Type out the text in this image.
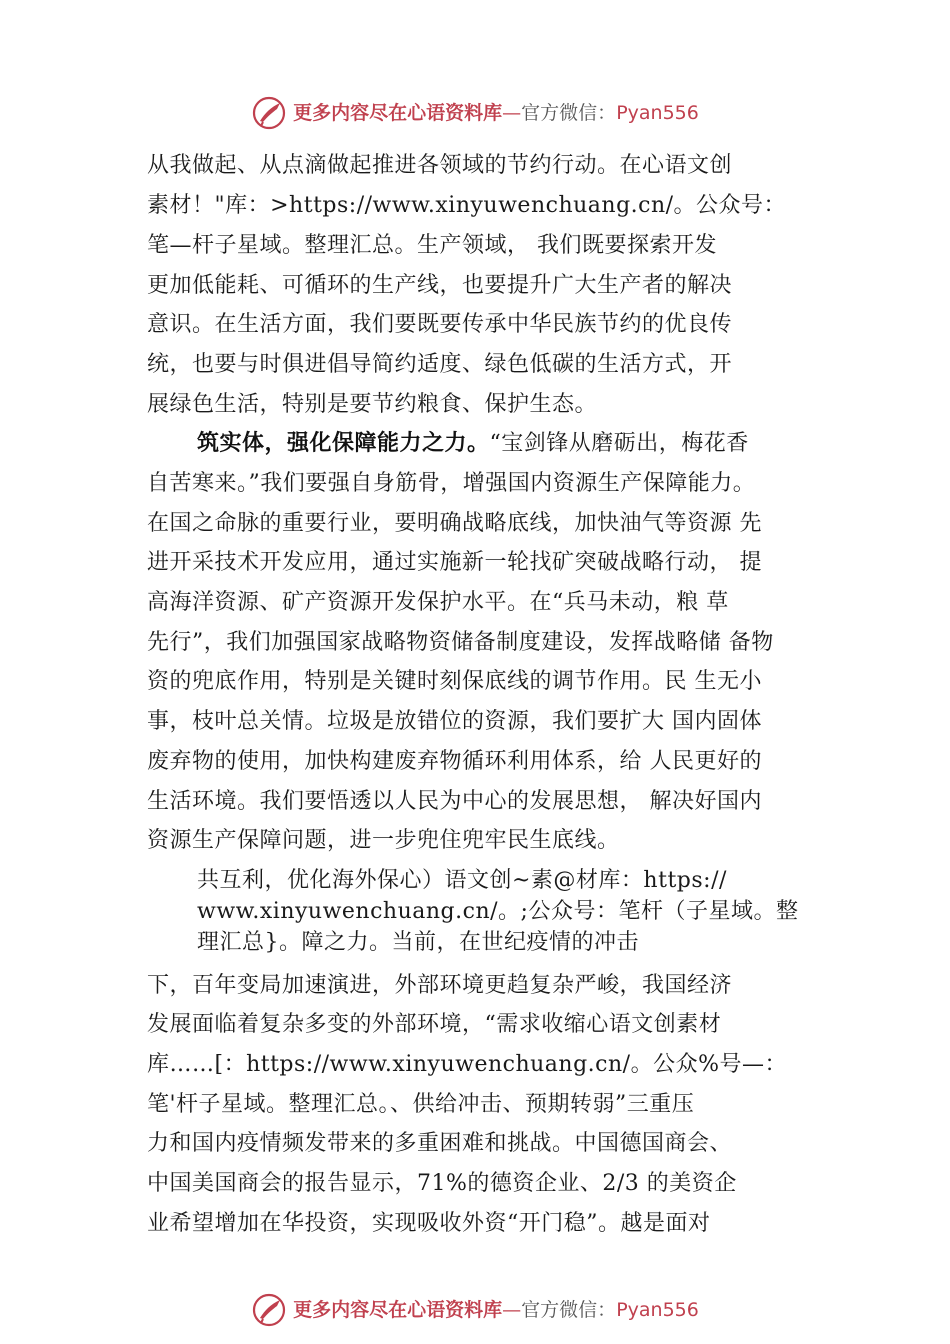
更多内容尽在心语资料库—官方微信：Pyan556
从我做起、从点滴做起推进各领域的节约行动。在心语文创
素材！"库：>https://www.xinyuwenchuang.cn/。公众号：
笔—杆子星域。整理汇总。生产领域， 我们既要探索开发
更加低能耗、可循环的生产线，也要提升广大生产者的解决
意识。在生活方面，我们要既要传承中华民族节约的优良传
统，也要与时俱进倡导简约适度、绿色低碳的生活方式，开
展绿色生活，特别是要节约粮食、保护生态。
筑实体，强化保障能力之力。“宝剑锋从磨砺出，梅花香
自苦寒来。”我们要强自身筋骨，增强国内资源生产保障能力。
在国之命脉的重要行业，要明确战略底线，加快油气等资源 先
进开采技术开发应用，通过实施新一轮找矿突破战略行动， 提
高海洋资源、矿产资源开发保护水平。在“兵马未动，粮 草
先行”，我们加强国家战略物资储备制度建设，发挥战略储 备物
资的兜底作用，特别是关键时刻保底线的调节作用。民 生无小
事，枝叶总关情。垃圾是放错位的资源，我们要扩大 国内固体
废弃物的使用，加快构建废弃物循环利用体系，给 人民更好的
生活环境。我们要悟透以人民为中心的发展思想， 解决好国内
资源生产保障问题，进一步兜住兜牢民生底线。
共互利，优化海外保心）语文创~素@材库：https://
www.xinyuwenchuang.cn/。;公众号：笔杆（子星域。整
理汇总}。障之力。当前，在世纪疫情的冲击
下，百年变局加速演进，外部环境更趋复杂严峻，我国经济
发展面临着复杂多变的外部环境，“需求收缩心语文创素材
库……[：https://www.xinyuwenchuang.cn/。公众%号—：
笔'杆子星域。整理汇总。、供给冲击、预期转弱”三重压
力和国内疫情频发带来的多重困难和挑战。中国德国商会、
中国美国商会的报告显示，71%的德资企业、2/3 的美资企
业希望增加在华投资，实现吸收外资“开门稳”。越是面对
更多内容尽在心语资料库—官方微信：Pyan556
